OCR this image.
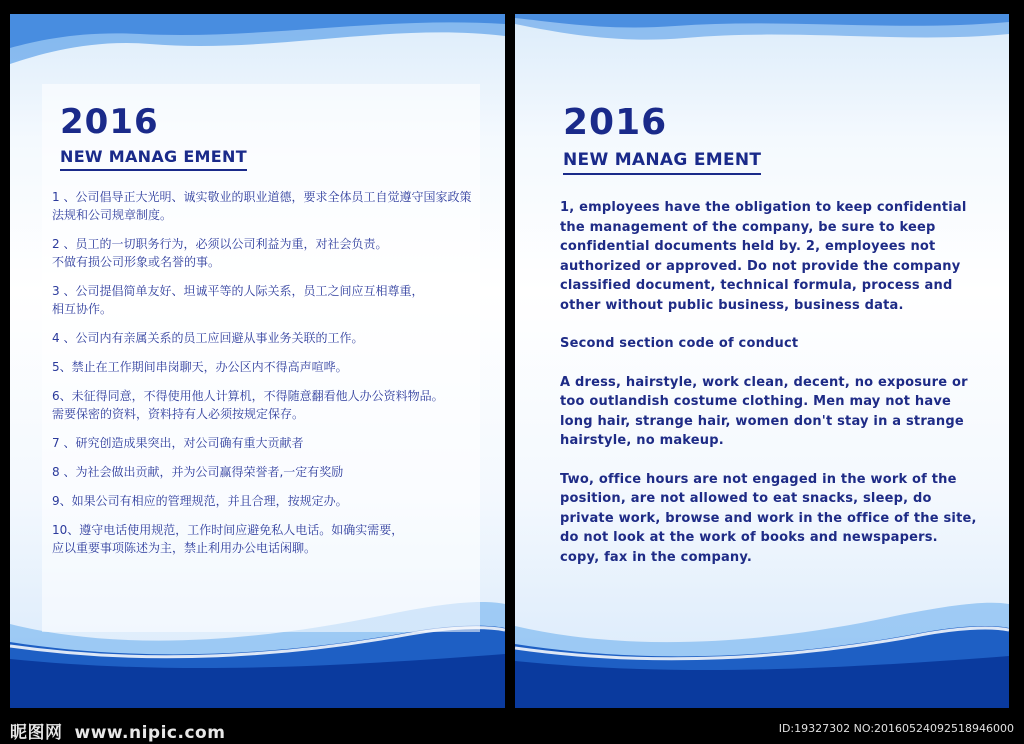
2016
NEW MANAG EMENT
1 、公司倡导正大光明、诚实敬业的职业道德，要求全体员工自觉遵守国家政策
法规和公司规章制度。
2 、员工的一切职务行为，必须以公司利益为重，对社会负责。
不做有损公司形象或名誉的事。
3 、公司提倡简单友好、坦诚平等的人际关系，员工之间应互相尊重，
相互协作。
4 、公司内有亲属关系的员工应回避从事业务关联的工作。
5、禁止在工作期间串岗聊天，办公区内不得高声喧哗。
6、未征得同意，不得使用他人计算机，不得随意翻看他人办公资料物品。
需要保密的资料，资料持有人必须按规定保存。
7 、研究创造成果突出，对公司确有重大贡献者
8 、为社会做出贡献，并为公司赢得荣誉者,一定有奖励
9、如果公司有相应的管理规范，并且合理，按规定办。
10、遵守电话使用规范，工作时间应避免私人电话。如确实需要，
应以重要事项陈述为主，禁止利用办公电话闲聊。
2016
NEW MANAG EMENT

1, employees have the obligation to keep confidential
the management of the company, be sure to keep
confidential documents held by. 2, employees not
authorized or approved. Do not provide the company
classified document, technical formula, process and
other without public business, business data.

Second section code of conduct

A dress, hairstyle, work clean, decent, no exposure or
too outlandish costume clothing. Men may not have
long hair, strange hair, women don't stay in a strange
hairstyle, no makeup.

Two, office hours are not engaged in the work of the
position, are not allowed to eat snacks, sleep, do
private work, browse and work in the office of the site,
do not look at the work of books and newspapers.
copy, fax in the company.

昵图网 www.nipic.com	ID:19327302 NO:20160524092518946000
